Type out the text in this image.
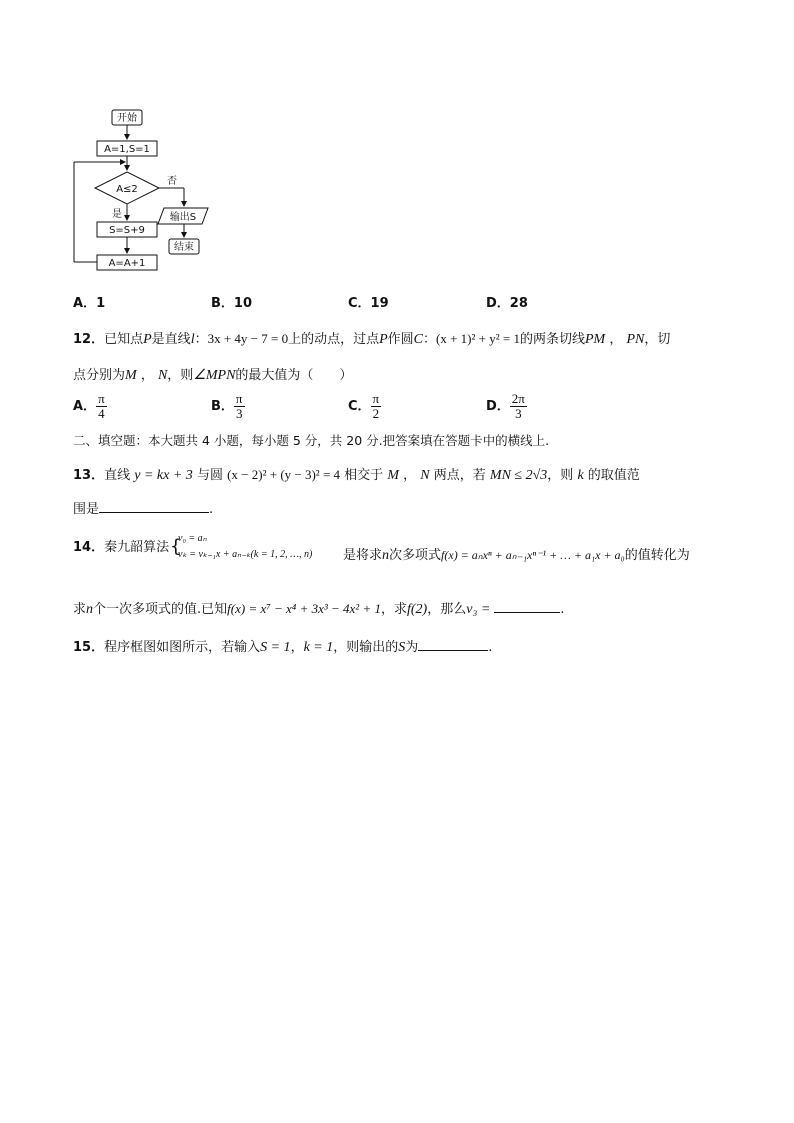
开始
A=1,S=1
A≤2
否
是	输出S
结束
S=S+9
A=A+1
A．1	B．10	C．19	D．28
12．已知点P是直线l：3x + 4y − 7 = 0上的动点，过点P作圆C：(x + 1)² + y² = 1的两条切线PM ， PN，切
点分别为M ， N，则∠MPN的最大值为（　　）
A． $\frac{\pi}{4}$	B． $\frac{\pi}{3}$	C． $\frac{\pi}{2}$	D． $\frac{2\pi}{3}$
二、填空题：本大题共 4 小题，每小题 5 分，共 20 分.把答案填在答题卡中的横线上.
13．直线 y = kx + 3 与圆 (x − 2)² + (y − 3)² = 4 相交于 M ， N 两点，若 MN ≤ 2√3，则 k 的取值范
围是	.
14．秦九韶算法 {
v₀ = aₙ
vₖ = vₖ₋₁x + aₙ₋ₖ(k = 1, 2, …, n) 是将求n次多项式f(x) = aₙxⁿ + aₙ₋₁xⁿ⁻¹ + … + a₁x + a₀的值转化为
求n个一次多项式的值.已知f(x) = x⁷ − x⁴ + 3x³ − 4x² + 1，求f(2)，那么v₃ =	.
15．程序框图如图所示，若输入S = 1，k = 1，则输出的S为	.
